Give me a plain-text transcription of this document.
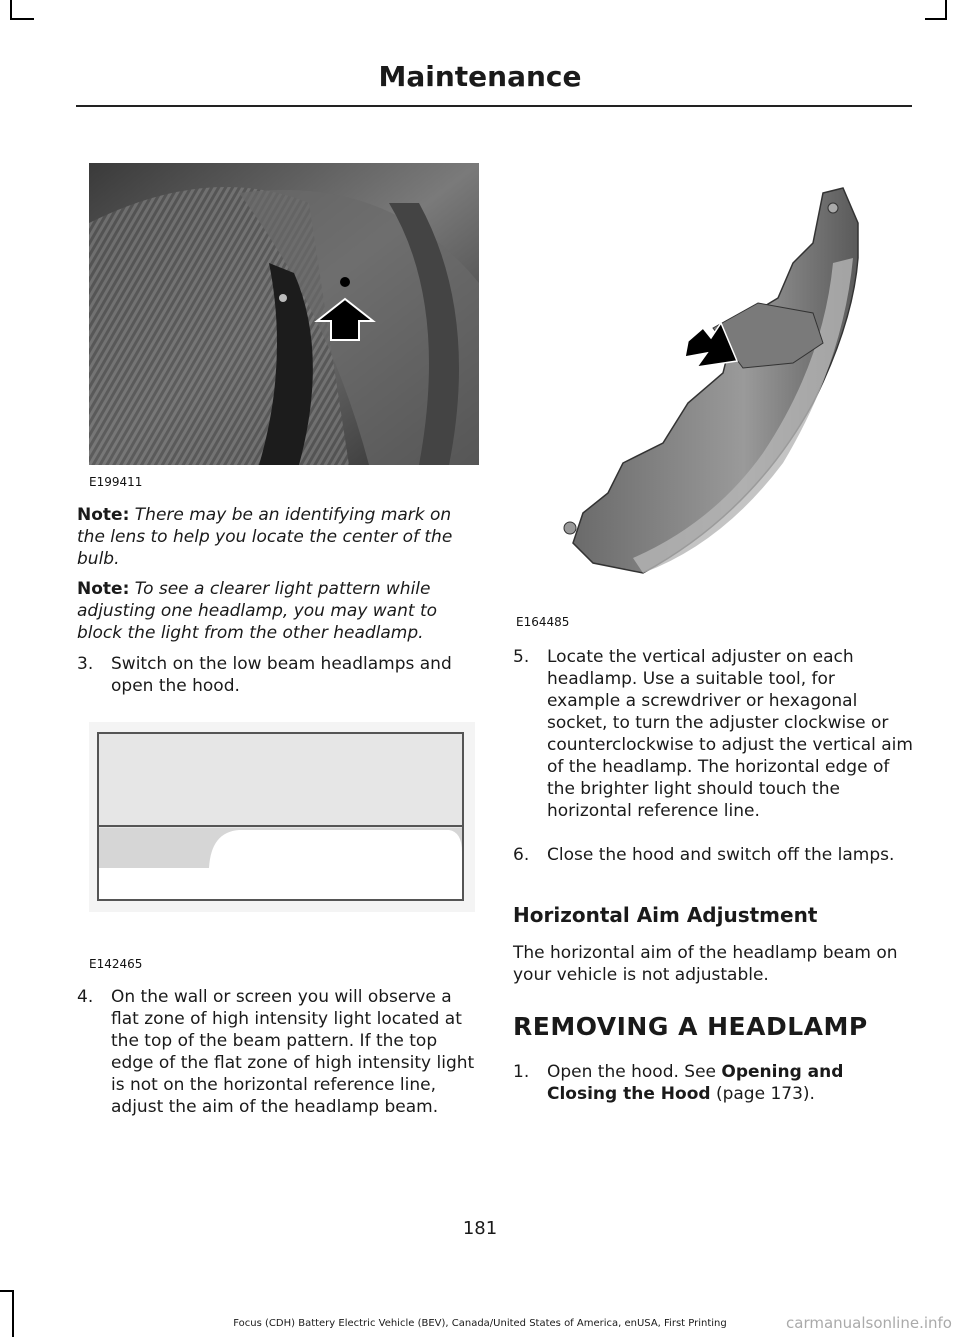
Maintenance
E199411
Note: There may be an identifying mark on the lens to help you locate the center of the bulb.
Note: To see a clearer light pattern while adjusting one headlamp, you may want to block the light from the other headlamp.
3. Switch on the low beam headlamps and open the hood.
E142465
4. On the wall or screen you will observe a flat zone of high intensity light located at the top of the beam pattern. If the top edge of the flat zone of high intensity light is not on the horizontal reference line, adjust the aim of the headlamp beam.
E164485
5. Locate the vertical adjuster on each headlamp. Use a suitable tool, for example a screwdriver or hexagonal socket, to turn the adjuster clockwise or counterclockwise to adjust the vertical aim of the headlamp. The horizontal edge of the brighter light should touch the horizontal reference line.
6. Close the hood and switch off the lamps.
Horizontal Aim Adjustment
The horizontal aim of the headlamp beam on your vehicle is not adjustable.
REMOVING A HEADLAMP
1. Open the hood. See Opening and Closing the Hood (page 173).
181
Focus (CDH) Battery Electric Vehicle (BEV), Canada/United States of America, enUSA, First Printing	carmanualsonline.info
